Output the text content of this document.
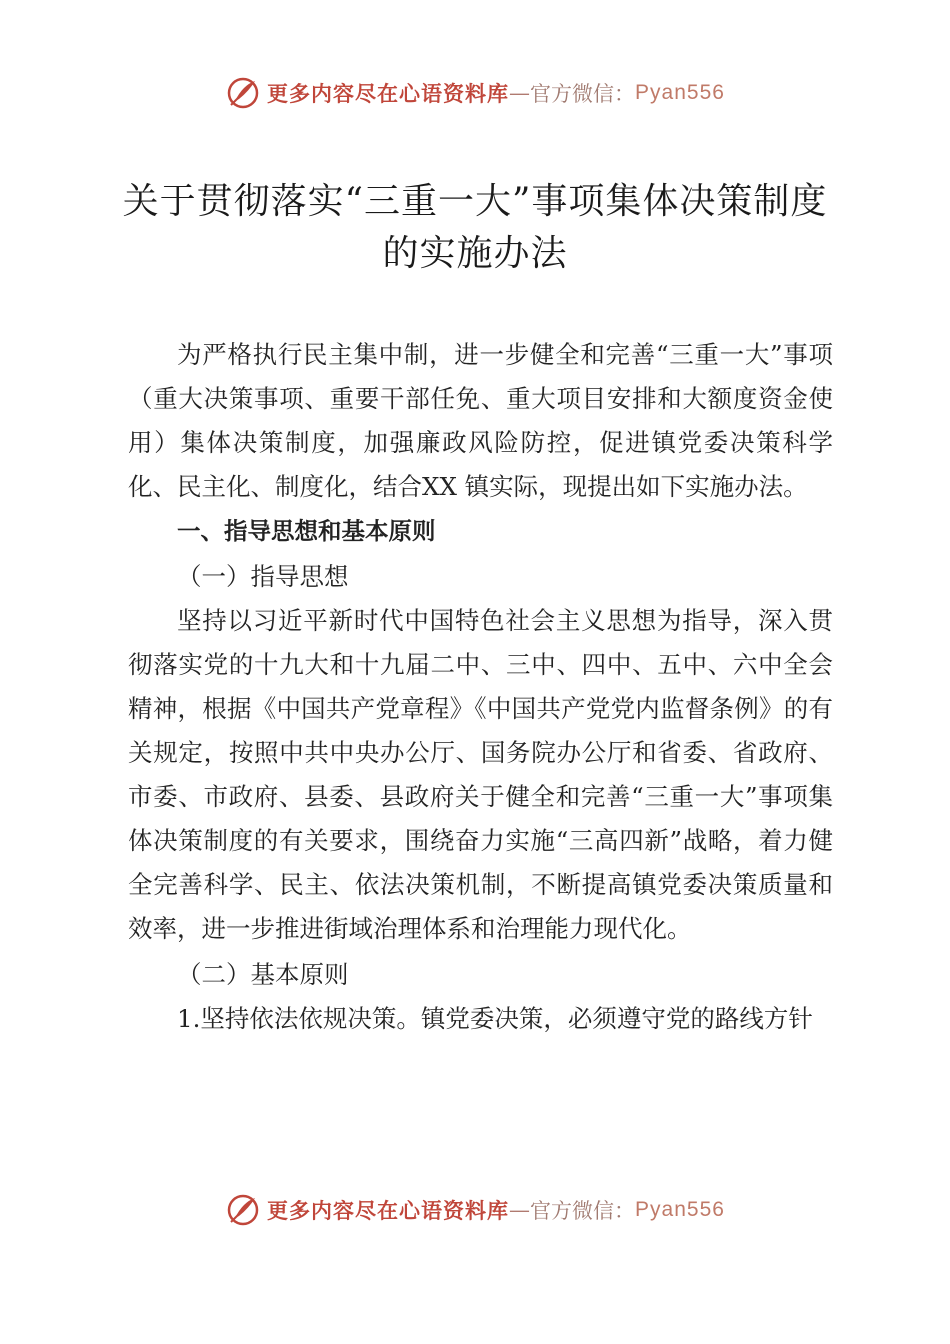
更多内容尽在心语资料库 — 官方微信： Pyan556
关于贯彻落实“三重一大”事项集体决策制度
的实施办法

为严格执行民主集中制，进一步健全和完善“三重一大”事项（重大决策事项、重要干部任免、重大项目安排和大额度资金使用）集体决策制度，加强廉政风险防控，促进镇党委决策科学化、民主化、制度化，结合XX 镇实际，现提出如下实施办法。

一、指导思想和基本原则

（一）指导思想

坚持以习近平新时代中国特色社会主义思想为指导，深入贯彻落实党的十九大和十九届二中、三中、四中、五中、六中全会精神，根据《中国共产党章程》《中国共产党党内监督条例》的有关规定，按照中共中央办公厅、国务院办公厅和省委、省政府、市委、市政府、县委、县政府关于健全和完善“三重一大”事项集体决策制度的有关要求，围绕奋力实施“三高四新”战略，着力健全完善科学、民主、依法决策机制，不断提高镇党委决策质量和效率，进一步推进街域治理体系和治理能力现代化。

（二）基本原则

1.坚持依法依规决策。镇党委决策，必须遵守党的路线方针

更多内容尽在心语资料库 — 官方微信： Pyan556
